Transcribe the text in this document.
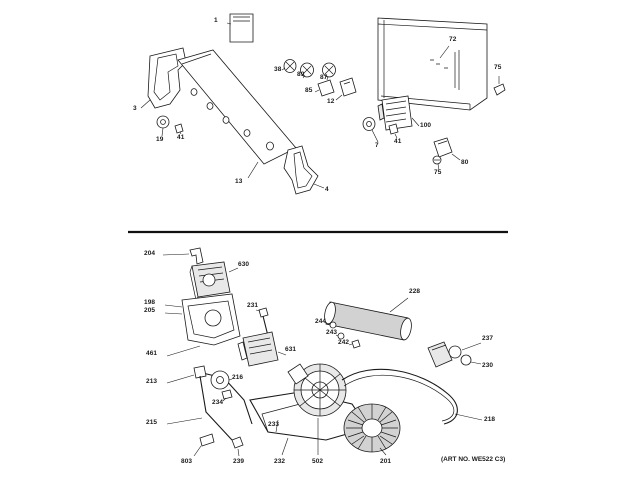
1
72
75
38
89 87
85
12
3
100
19 41
7
41
80
75
13
4
204
630
198
205
231
228
244
243
242
461
631
237
230
213
216
234
218
215	233
803	239	232	502	201	(ART NO. WE522 C3)
